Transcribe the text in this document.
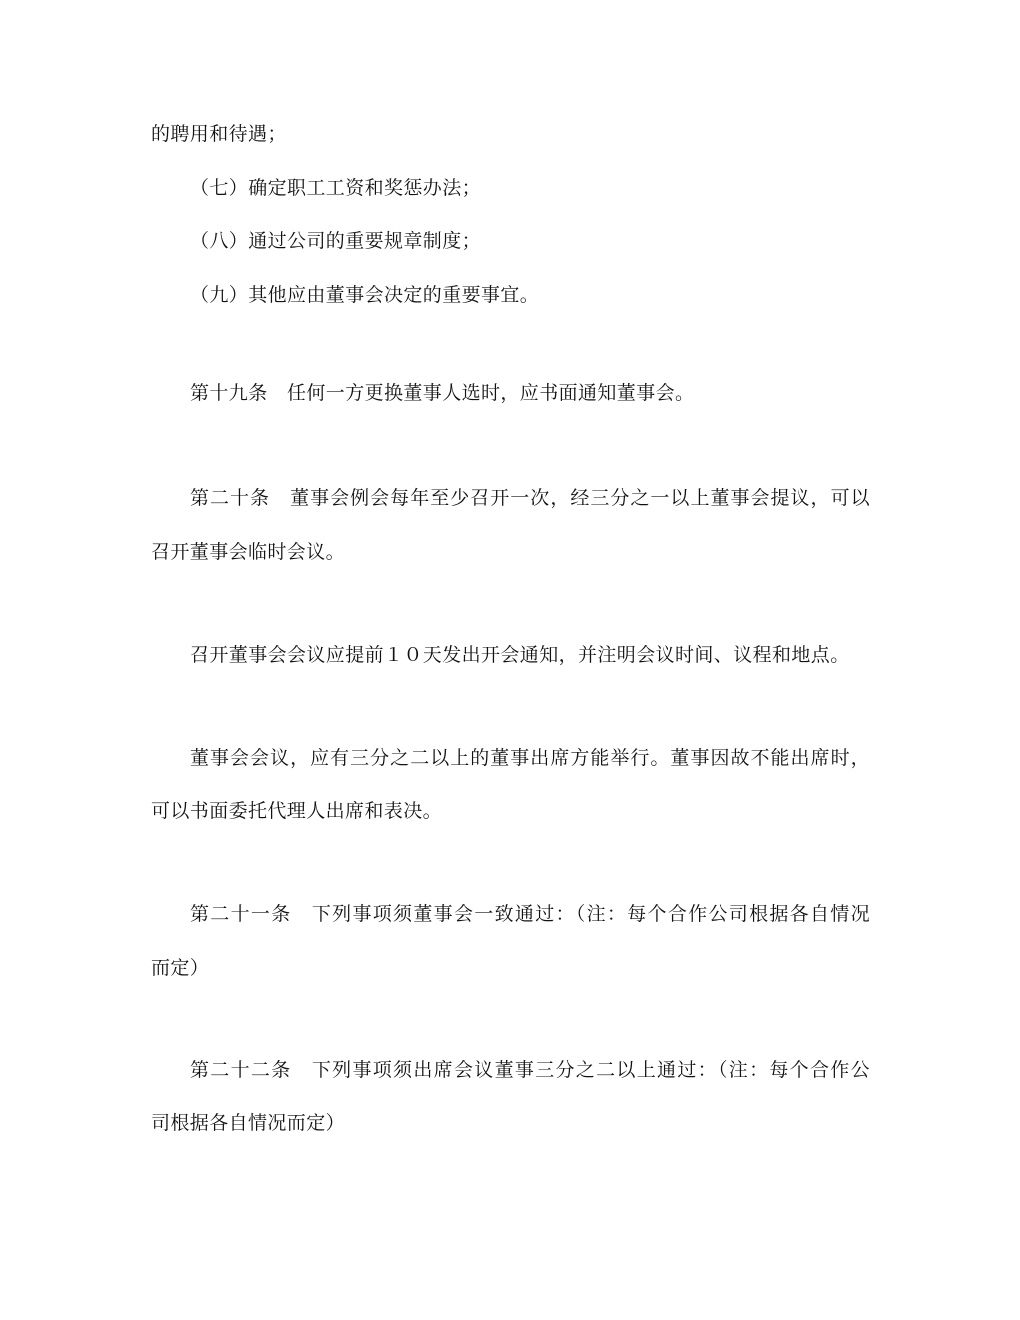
的聘用和待遇；
（七）确定职工工资和奖惩办法；
（八）通过公司的重要规章制度；
（九）其他应由董事会决定的重要事宜。
第十九条　任何一方更换董事人选时，应书面通知董事会。
第二十条　董事会例会每年至少召开一次，经三分之一以上董事会提议，可以
召开董事会临时会议。
召开董事会会议应提前１０天发出开会通知，并注明会议时间、议程和地点。
董事会会议，应有三分之二以上的董事出席方能举行。董事因故不能出席时，
可以书面委托代理人出席和表决。
第二十一条　下列事项须董事会一致通过：（注：每个合作公司根据各自情况
而定）
第二十二条　下列事项须出席会议董事三分之二以上通过：（注：每个合作公
司根据各自情况而定）
